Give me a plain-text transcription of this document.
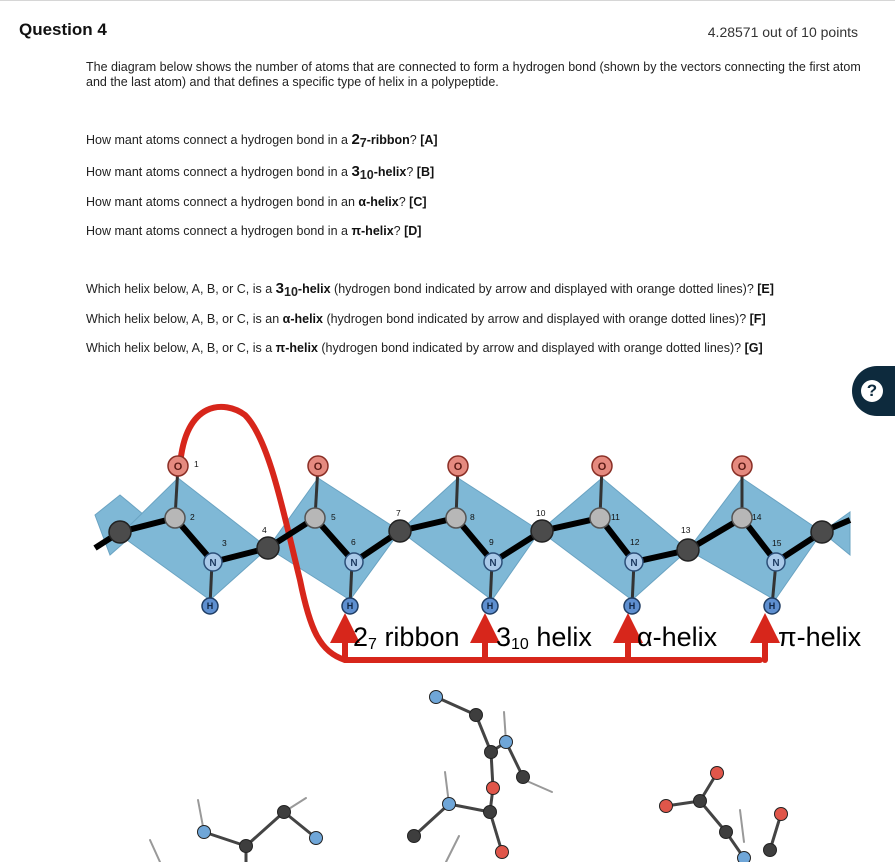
Question 4	4.28571 out of 10 points
The diagram below shows the number of atoms that are connected to form a hydrogen bond (shown by the vectors connecting the first atom and the last atom) and that defines a specific type of helix in a polypeptide.
How mant atoms connect a hydrogen bond in a $2_7$-ribbon? [A]
How mant atoms connect a hydrogen bond in a $3_{10}$-helix? [B]
How mant atoms connect a hydrogen bond in an α-helix? [C]
How mant atoms connect a hydrogen bond in a π-helix? [D]
Which helix below, A, B, or C, is a $3_{10}$-helix (hydrogen bond indicated by arrow and displayed with orange dotted lines)? [E]
Which helix below, A, B, or C, is an α-helix (hydrogen bond indicated by arrow and displayed with orange dotted lines)? [F]
Which helix below, A, B, or C, is a π-helix (hydrogen bond indicated by arrow and displayed with orange dotted lines)? [G]
?
O	O	O	O	O
N	N	N	N	N
H	H	H	H	H
1
2
3
4
5
6
7	8
9
10	11
12
13
14
15
27 ribbon 310 helix α-helix π-helix
